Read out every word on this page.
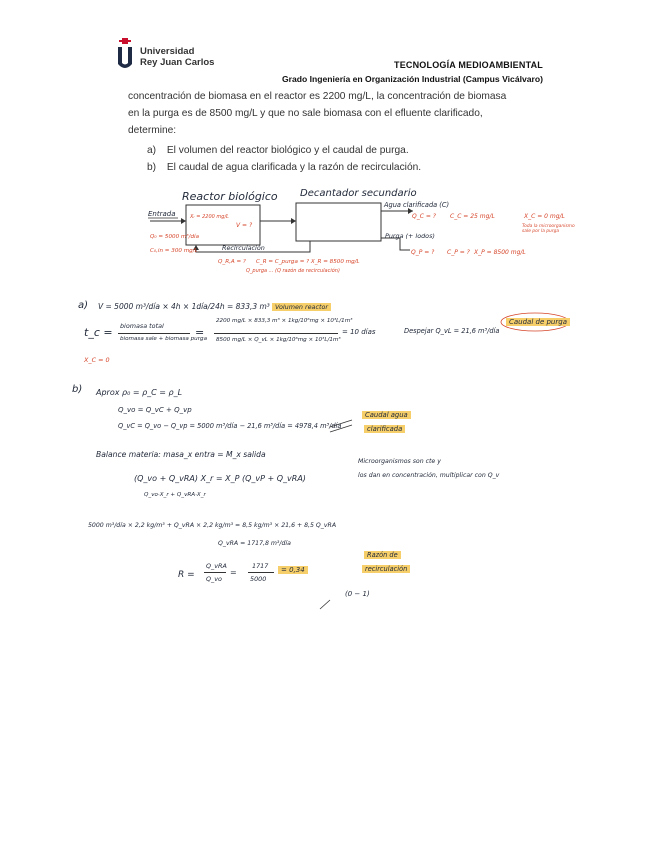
Universidad
Rey Juan Carlos	TECNOLOGÍA MEDIOAMBIENTAL
Grado Ingeniería en Organización Industrial (Campus Vicálvaro)
concentración de biomasa en el reactor es 2200 mg/L, la concentración de biomasa
en la purga es de 8500 mg/L y que no sale biomasa con el efluente clarificado,
determine:
a) El volumen del reactor biológico y el caudal de purga.
b) El caudal de agua clarificada y la razón de recirculación.
Reactor biológico Decantador secundario
Entrada
Q₀ = 5000 m³/día
C₀,in = 300 mg/L
Xᵣ = 2200 mg/L
V = ?
Recirculación
Q_R,A = ? C_R = C_purga = ? X_R = 8500 mg/L
Q_purga ... (Q razón de recirculación)
Agua clarificada (C)
Q_C = ? C_C = 25 mg/L	X_C = 0 mg/L
Toda la microorganismo sale por la purga
Purga (+ lodos)
Q_P = ? C_P = ? X_P = 8500 mg/L
a) V = 5000 m³/día × 4h × 1día/24h = 833,3 m³ Volumen reactor
t_c = biomasa total
biomasa sale + biomasa purga
=
2200 mg/L × 833,3 m³ × 1kg/10⁶mg × 10³L/1m³
8500 mg/L × Q_vL × 1kg/10⁶mg × 10³L/1m³
= 10 días
X_C = 0
Despejar Q_vL = 21,6 m³/día
Caudal de purga
b) Aprox ρ₀ = ρ_C = ρ_L
Q_vo = Q_vC + Q_vp
Q_vC = Q_vo − Q_vp = 5000 m³/día − 21,6 m³/día = 4978,4 m³/día
Caudal agua
clarificada
Balance materia: masa_x entra = M_x salida
Microorganismos son cte y
los dan en concentración, multiplicar con Q_v
(Q_vo + Q_vRA) X_r = X_P (Q_vP + Q_vRA)
Q_vo·X_r + Q_vRA·X_r
5000 m³/día × 2,2 kg/m³ + Q_vRA × 2,2 kg/m³ = 8,5 kg/m³ × 21,6 + 8,5 Q_vRA
Q_vRA = 1717,8 m³/día
R =
Q_vRA
Q_vo
=
1717
5000
= 0,34
Razón de
recirculación
(0 − 1)
